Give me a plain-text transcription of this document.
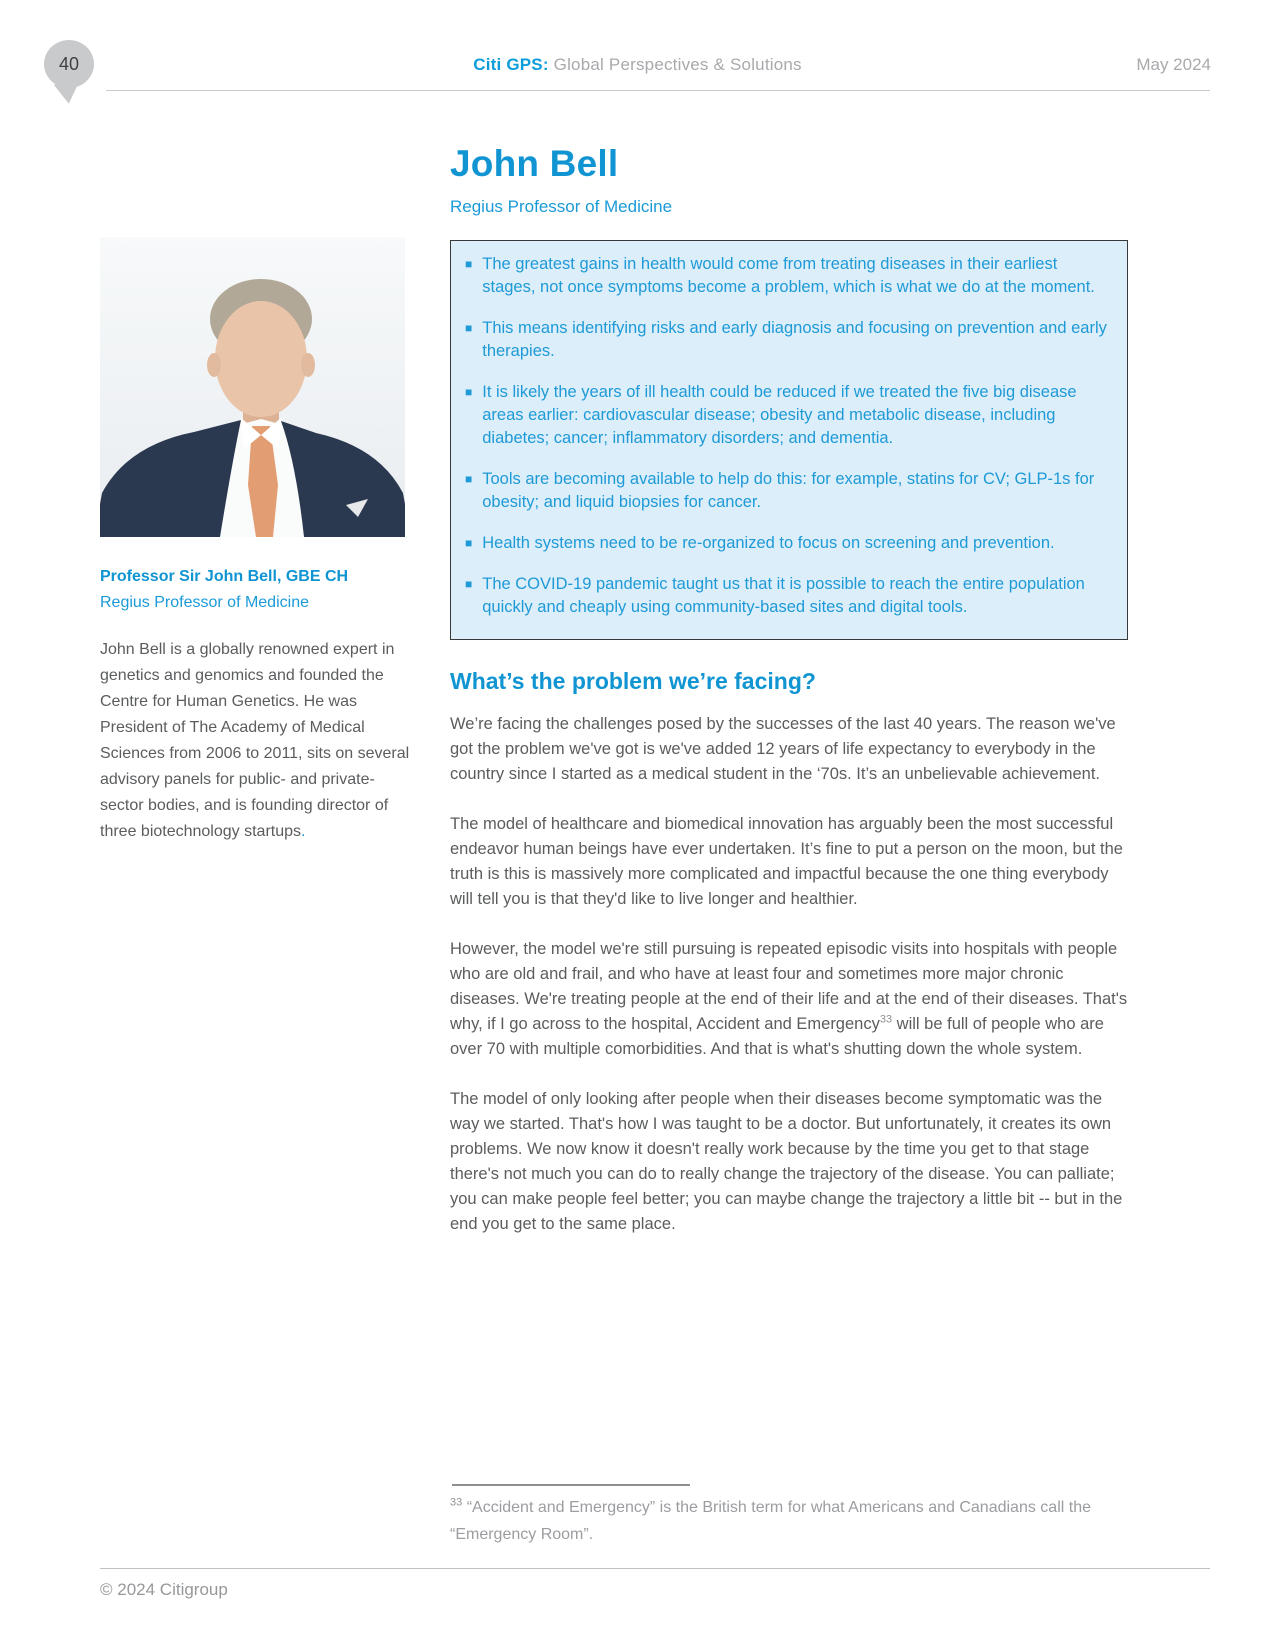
40	Citi GPS: Global Perspectives & Solutions	May 2024
John Bell
Regius Professor of Medicine
Professor Sir John Bell, GBE CH
Regius Professor of Medicine
John Bell is a globally renowned expert in genetics and genomics and founded the Centre for Human Genetics. He was President of The Academy of Medical Sciences from 2006 to 2011, sits on several advisory panels for public- and private-sector bodies, and is founding director of three biotechnology startups.
■ The greatest gains in health would come from treating diseases in their earliest stages, not once symptoms become a problem, which is what we do at the moment.
■ This means identifying risks and early diagnosis and focusing on prevention and early therapies.
■ It is likely the years of ill health could be reduced if we treated the five big disease areas earlier: cardiovascular disease; obesity and metabolic disease, including diabetes; cancer; inflammatory disorders; and dementia.
■ Tools are becoming available to help do this: for example, statins for CV; GLP-1s for obesity; and liquid biopsies for cancer.
■ Health systems need to be re-organized to focus on screening and prevention.
■ The COVID-19 pandemic taught us that it is possible to reach the entire population quickly and cheaply using community-based sites and digital tools.
What’s the problem we’re facing?

We’re facing the challenges posed by the successes of the last 40 years. The reason we've got the problem we've got is we've added 12 years of life expectancy to everybody in the country since I started as a medical student in the ‘70s. It’s an unbelievable achievement.

The model of healthcare and biomedical innovation has arguably been the most successful endeavor human beings have ever undertaken. It’s fine to put a person on the moon, but the truth is this is massively more complicated and impactful because the one thing everybody will tell you is that they'd like to live longer and healthier.

However, the model we're still pursuing is repeated episodic visits into hospitals with people who are old and frail, and who have at least four and sometimes more major chronic diseases. We're treating people at the end of their life and at the end of their diseases. That's why, if I go across to the hospital, Accident and Emergency$^{33}$ will be full of people who are over 70 with multiple comorbidities. And that is what's shutting down the whole system.

The model of only looking after people when their diseases become symptomatic was the way we started. That's how I was taught to be a doctor. But unfortunately, it creates its own problems. We now know it doesn't really work because by the time you get to that stage there's not much you can do to really change the trajectory of the disease. You can palliate; you can make people feel better; you can maybe change the trajectory a little bit -- but in the end you get to the same place.

$^{33}$ “Accident and Emergency” is the British term for what Americans and Canadians call the “Emergency Room”.
© 2024 Citigroup
